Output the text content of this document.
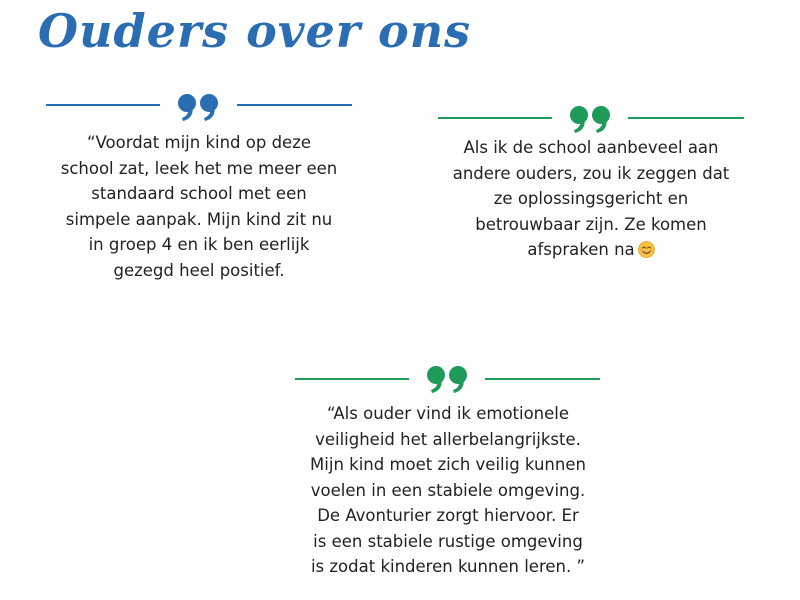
Ouders over ons

“Voordat mijn kind op deze
school zat, leek het me meer een
standaard school met een
simpele aanpak. Mijn kind zit nu
in groep 4 en ik ben eerlijk
gezegd heel positief.

Als ik de school aanbeveel aan
andere ouders, zou ik zeggen dat
ze oplossingsgericht en
betrouwbaar zijn. Ze komen
afspraken na

“Als ouder vind ik emotionele
veiligheid het allerbelangrijkste.
Mijn kind moet zich veilig kunnen
voelen in een stabiele omgeving.
De Avonturier zorgt hiervoor. Er
is een stabiele rustige omgeving
is zodat kinderen kunnen leren. ”
